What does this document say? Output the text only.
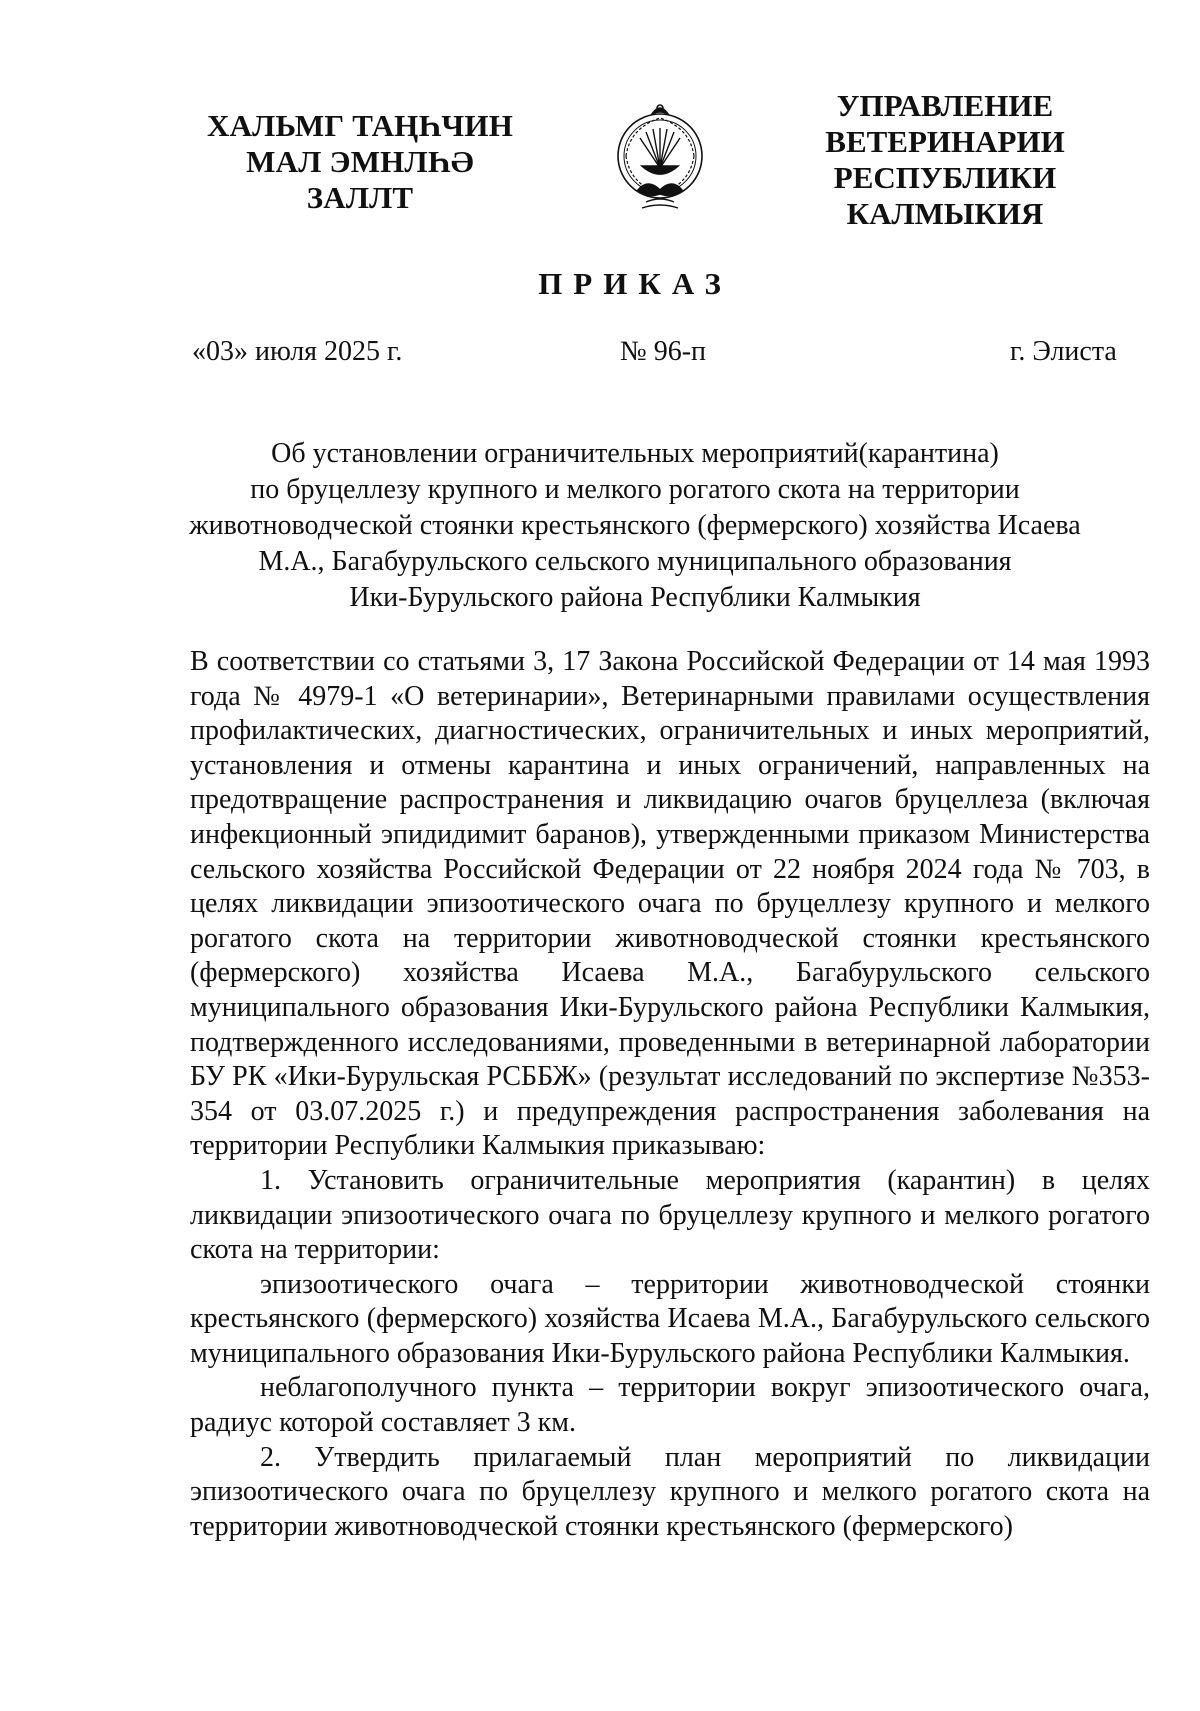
ХАЛЬМГ ТАҢҺЧИН
МАЛ ЭМНЛҺӘ
ЗАЛЛТ
УПРАВЛЕНИЕ
ВЕТЕРИНАРИИ
РЕСПУБЛИКИ
КАЛМЫКИЯ
ПРИКАЗ
«03» июля 2025 г.	№ 96-п	г. Элиста
Об установлении ограничительных мероприятий(карантина)
по бруцеллезу крупного и мелкого рогатого скота на территории
животноводческой стоянки крестьянского (фермерского) хозяйства Исаева
М.А., Багабурульского сельского муниципального образования
Ики-Бурульского района Республики Калмыкия

В соответствии со статьями 3, 17 Закона Российской Федерации от 14 мая 1993 года № 4979-1 «О ветеринарии», Ветеринарными правилами осуществления профилактических, диагностических, ограничительных и иных мероприятий, установления и отмены карантина и иных ограничений, направленных на предотвращение распространения и ликвидацию очагов бруцеллеза (включая инфекционный эпидидимит баранов), утвержденными приказом Министерства сельского хозяйства Российской Федерации от 22 ноября 2024 года № 703, в целях ликвидации эпизоотического очага по бруцеллезу крупного и мелкого рогатого скота на территории животноводческой стоянки крестьянского (фермерского) хозяйства Исаева М.А., Багабурульского сельского муниципального образования Ики-Бурульского района Республики Калмыкия, подтвержденного исследованиями, проведенными в ветеринарной лаборатории БУ РК «Ики-Бурульская РСББЖ» (результат исследований по экспертизе №353-354 от 03.07.2025 г.) и предупреждения распространения заболевания на территории Республики Калмыкия приказываю:

1. Установить ограничительные мероприятия (карантин) в целях ликвидации эпизоотического очага по бруцеллезу крупного и мелкого рогатого скота на территории:

эпизоотического очага – территории животноводческой стоянки крестьянского (фермерского) хозяйства Исаева М.А., Багабурульского сельского муниципального образования Ики-Бурульского района Республики Калмыкия.

неблагополучного пункта – территории вокруг эпизоотического очага, радиус которой составляет 3 км.

2. Утвердить прилагаемый план мероприятий по ликвидации эпизоотического очага по бруцеллезу крупного и мелкого рогатого скота на территории животноводческой стоянки крестьянского (фермерского)
